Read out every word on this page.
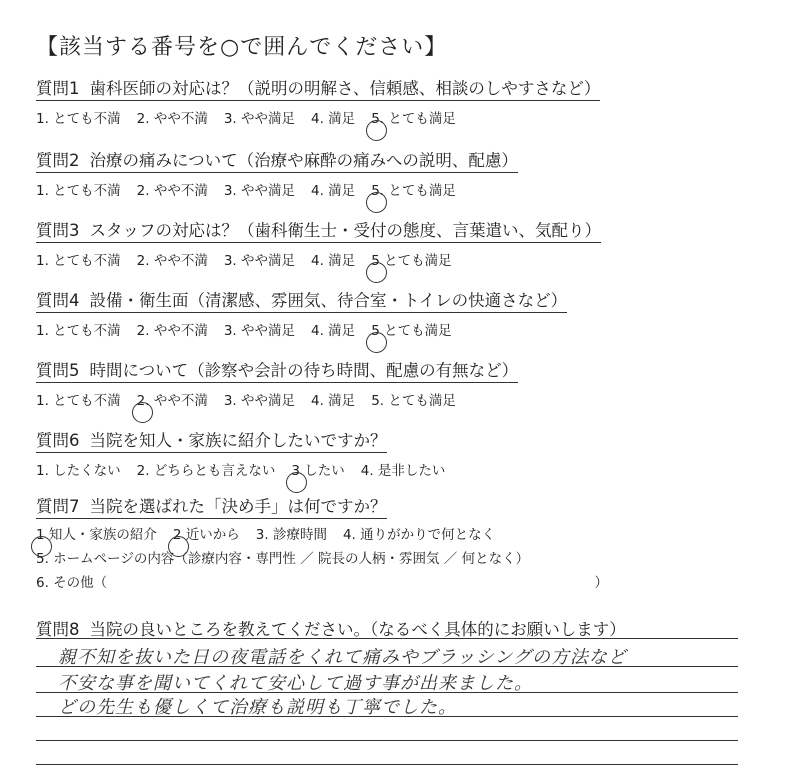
【該当する番号を○で囲んでください】
質問1 歯科医師の対応は？（説明の明解さ、信頼感、相談のしやすさなど）
1. とても不満 2. やや不満 3. やや満足 4. 満足 5. とても満足
質問2 治療の痛みについて（治療や麻酔の痛みへの説明、配慮）
1. とても不満 2. やや不満 3. やや満足 4. 満足 5. とても満足
質問3 スタッフの対応は？（歯科衛生士・受付の態度、言葉遣い、気配り）
1. とても不満 2. やや不満 3. やや満足 4. 満足 5 とても満足
質問4 設備・衛生面（清潔感、雰囲気、待合室・トイレの快適さなど）
1. とても不満 2. やや不満 3. やや満足 4. 満足 5 とても満足
質問5 時間について（診察や会計の待ち時間、配慮の有無など）
1. とても不満 2. やや不満 3. やや満足 4. 満足 5. とても満足
質問6 当院を知人・家族に紹介したいですか？
1. したくない 2. どちらとも言えない 3 したい 4. 是非したい
質問7 当院を選ばれた「決め手」は何ですか？
1 知人・家族の紹介 2 近いから 3. 診療時間 4. 通りがかりで何となく
5. ホームページの内容（診療内容・専門性 ／ 院長の人柄・雰囲気 ／ 何となく）
6. その他（	）
質問8 当院の良いところを教えてください。（なるべく具体的にお願いします）
親不知を抜いた日の夜電話をくれて痛みやブラッシングの方法など
不安な事を聞いてくれて安心して過す事が出来ました。
どの先生も優しくて治療も説明も丁寧でした。
